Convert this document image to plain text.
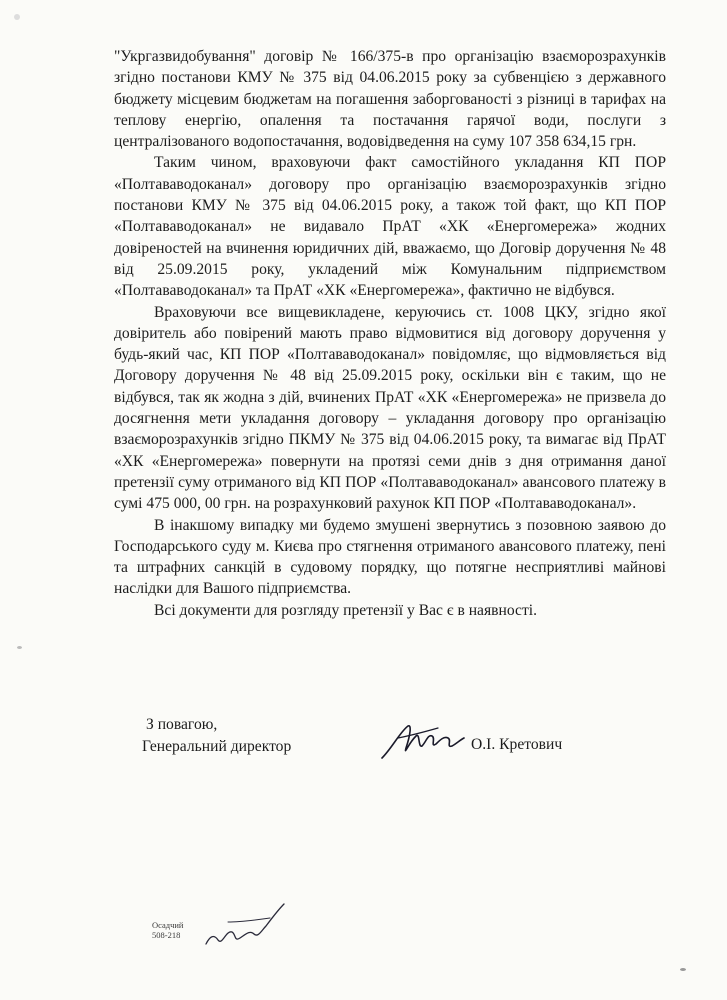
"Укргазвидобування" договір № 166/375-в про організацію взаєморозрахунків згідно постанови КМУ № 375 від 04.06.2015 року за субвенцією з державного бюджету місцевим бюджетам на погашення заборгованості з різниці в тарифах на теплову енергію, опалення та постачання гарячої води, послуги з централізованого водопостачання, водовідведення на суму 107 358 634,15 грн.

Таким чином, враховуючи факт самостійного укладання КП ПОР «Полтававодоканал» договору про організацію взаєморозрахунків згідно постанови КМУ № 375 від 04.06.2015 року, а також той факт, що КП ПОР «Полтававодоканал» не видавало ПрАТ «ХК «Енергомережа» жодних довіреностей на вчинення юридичних дій, вважаємо, що Договір доручення № 48 від 25.09.2015 року, укладений між Комунальним підприємством «Полтававодоканал» та ПрАТ «ХК «Енергомережа», фактично не відбувся.

Враховуючи все вищевикладене, керуючись ст. 1008 ЦКУ, згідно якої довіритель або повірений мають право відмовитися від договору доручення у будь-який час, КП ПОР «Полтававодоканал» повідомляє, що відмовляється від Договору доручення № 48 від 25.09.2015 року, оскільки він є таким, що не відбувся, так як жодна з дій, вчинених ПрАТ «ХК «Енергомережа» не призвела до досягнення мети укладання договору – укладання договору про організацію взаєморозрахунків згідно ПКМУ № 375 від 04.06.2015 року, та вимагає від ПрАТ «ХК «Енергомережа» повернути на протязі семи днів з дня отримання даної претензії суму отриманого від КП ПОР «Полтававодоканал» авансового платежу в сумі 475 000, 00 грн. на розрахунковий рахунок КП ПОР «Полтававодоканал».

В інакшому випадку ми будемо змушені звернутись з позовною заявою до Господарського суду м. Києва про стягнення отриманого авансового платежу, пені та штрафних санкцій в судовому порядку, що потягне несприятливі майнові наслідки для Вашого підприємства.

Всі документи для розгляду претензії у Вас є в наявності.

З повагою,
Генеральний директор	О.І. Кретович
Осадчий
508-218
